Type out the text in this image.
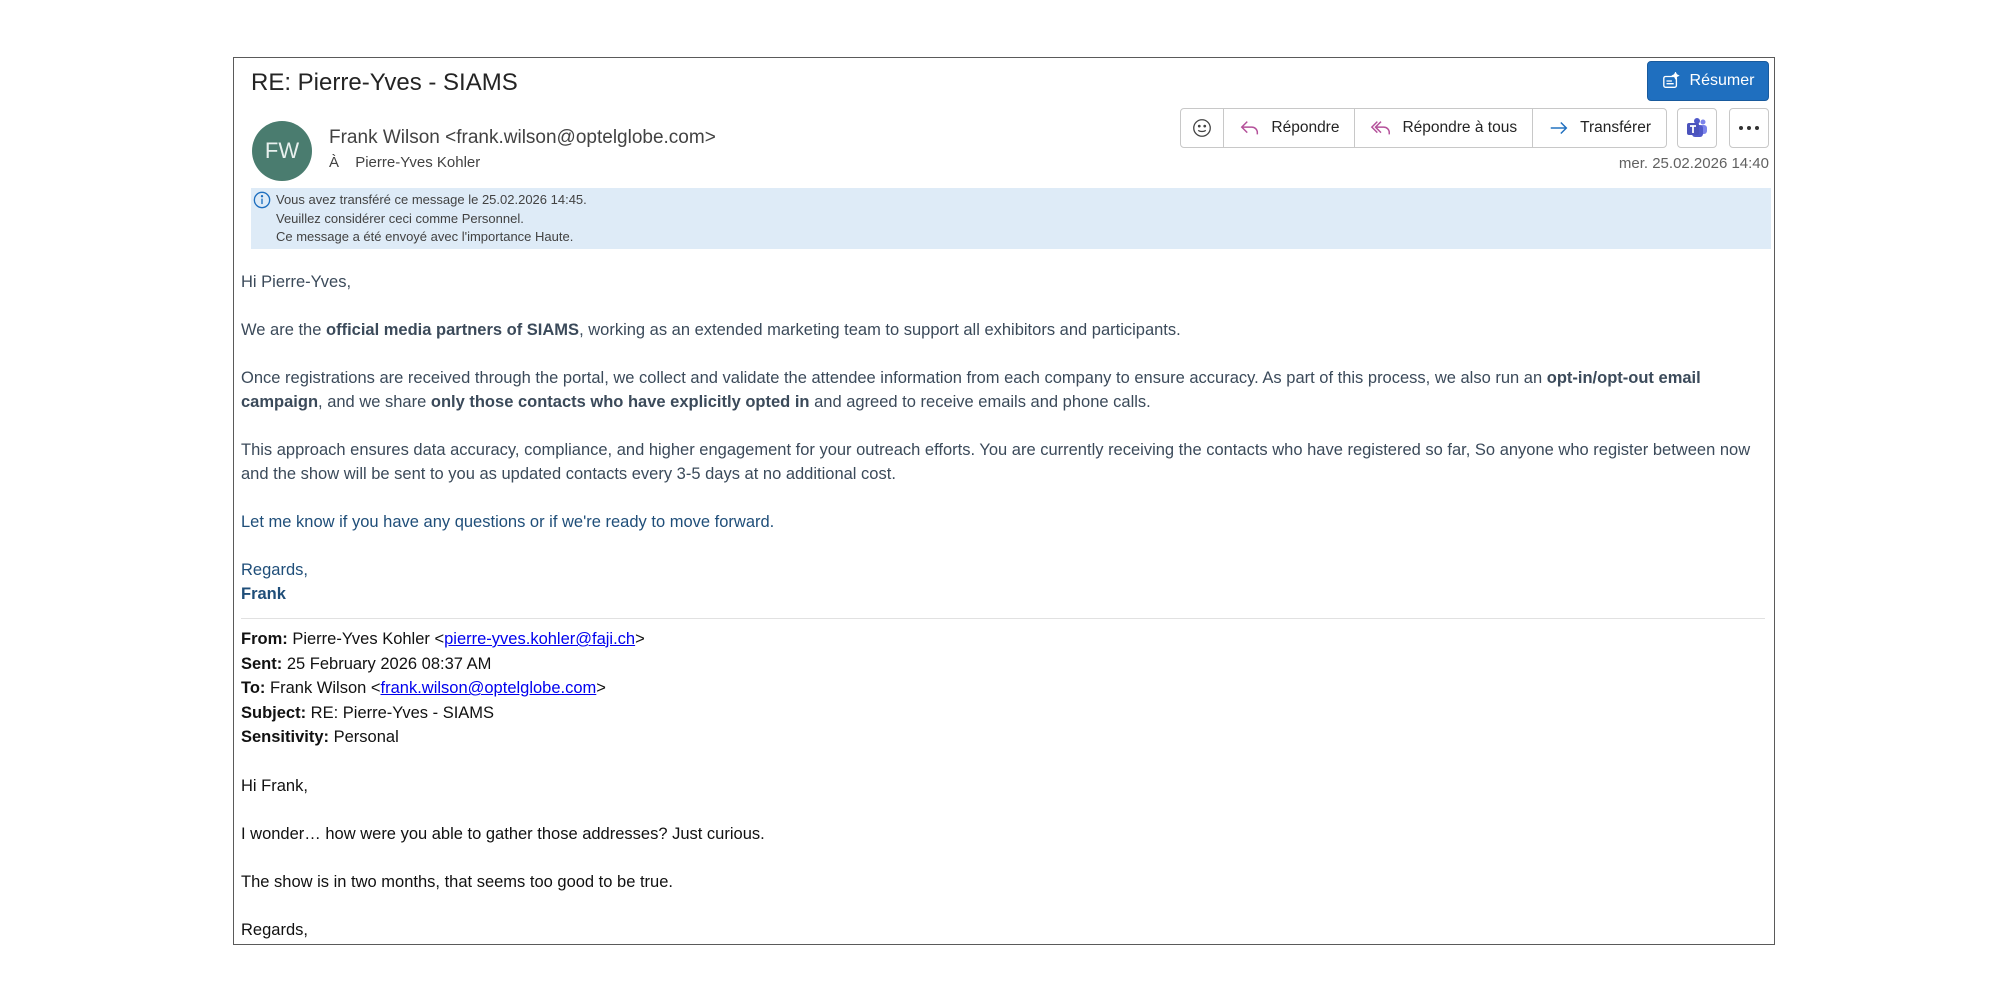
RE: Pierre-Yves - SIAMS	Résumer
FW
Frank Wilson <frank.wilson@optelglobe.com>
À Pierre-Yves Kohler
Répondre	Répondre à tous	Transférer
mer. 25.02.2026 14:40
Vous avez transféré ce message le 25.02.2026 14:45.
Veuillez considérer ceci comme Personnel.
Ce message a été envoyé avec l'importance Haute.

Hi Pierre-Yves,

We are the official media partners of SIAMS, working as an extended marketing team to support all exhibitors and participants.

Once registrations are received through the portal, we collect and validate the attendee information from each company to ensure accuracy. As part of this process, we also run an opt-in/opt-out email campaign, and we share only those contacts who have explicitly opted in and agreed to receive emails and phone calls.

This approach ensures data accuracy, compliance, and higher engagement for your outreach efforts. You are currently receiving the contacts who have registered so far, So anyone who register between now and the show will be sent to you as updated contacts every 3-5 days at no additional cost.

Let me know if you have any questions or if we're ready to move forward.

Regards,
Frank
From: Pierre-Yves Kohler <pierre-yves.kohler@faji.ch>
Sent: 25 February 2026 08:37 AM
To: Frank Wilson <frank.wilson@optelglobe.com>
Subject: RE: Pierre-Yves - SIAMS
Sensitivity: Personal

Hi Frank,

I wonder… how were you able to gather those addresses? Just curious.

The show is in two months, that seems too good to be true.

Regards,
